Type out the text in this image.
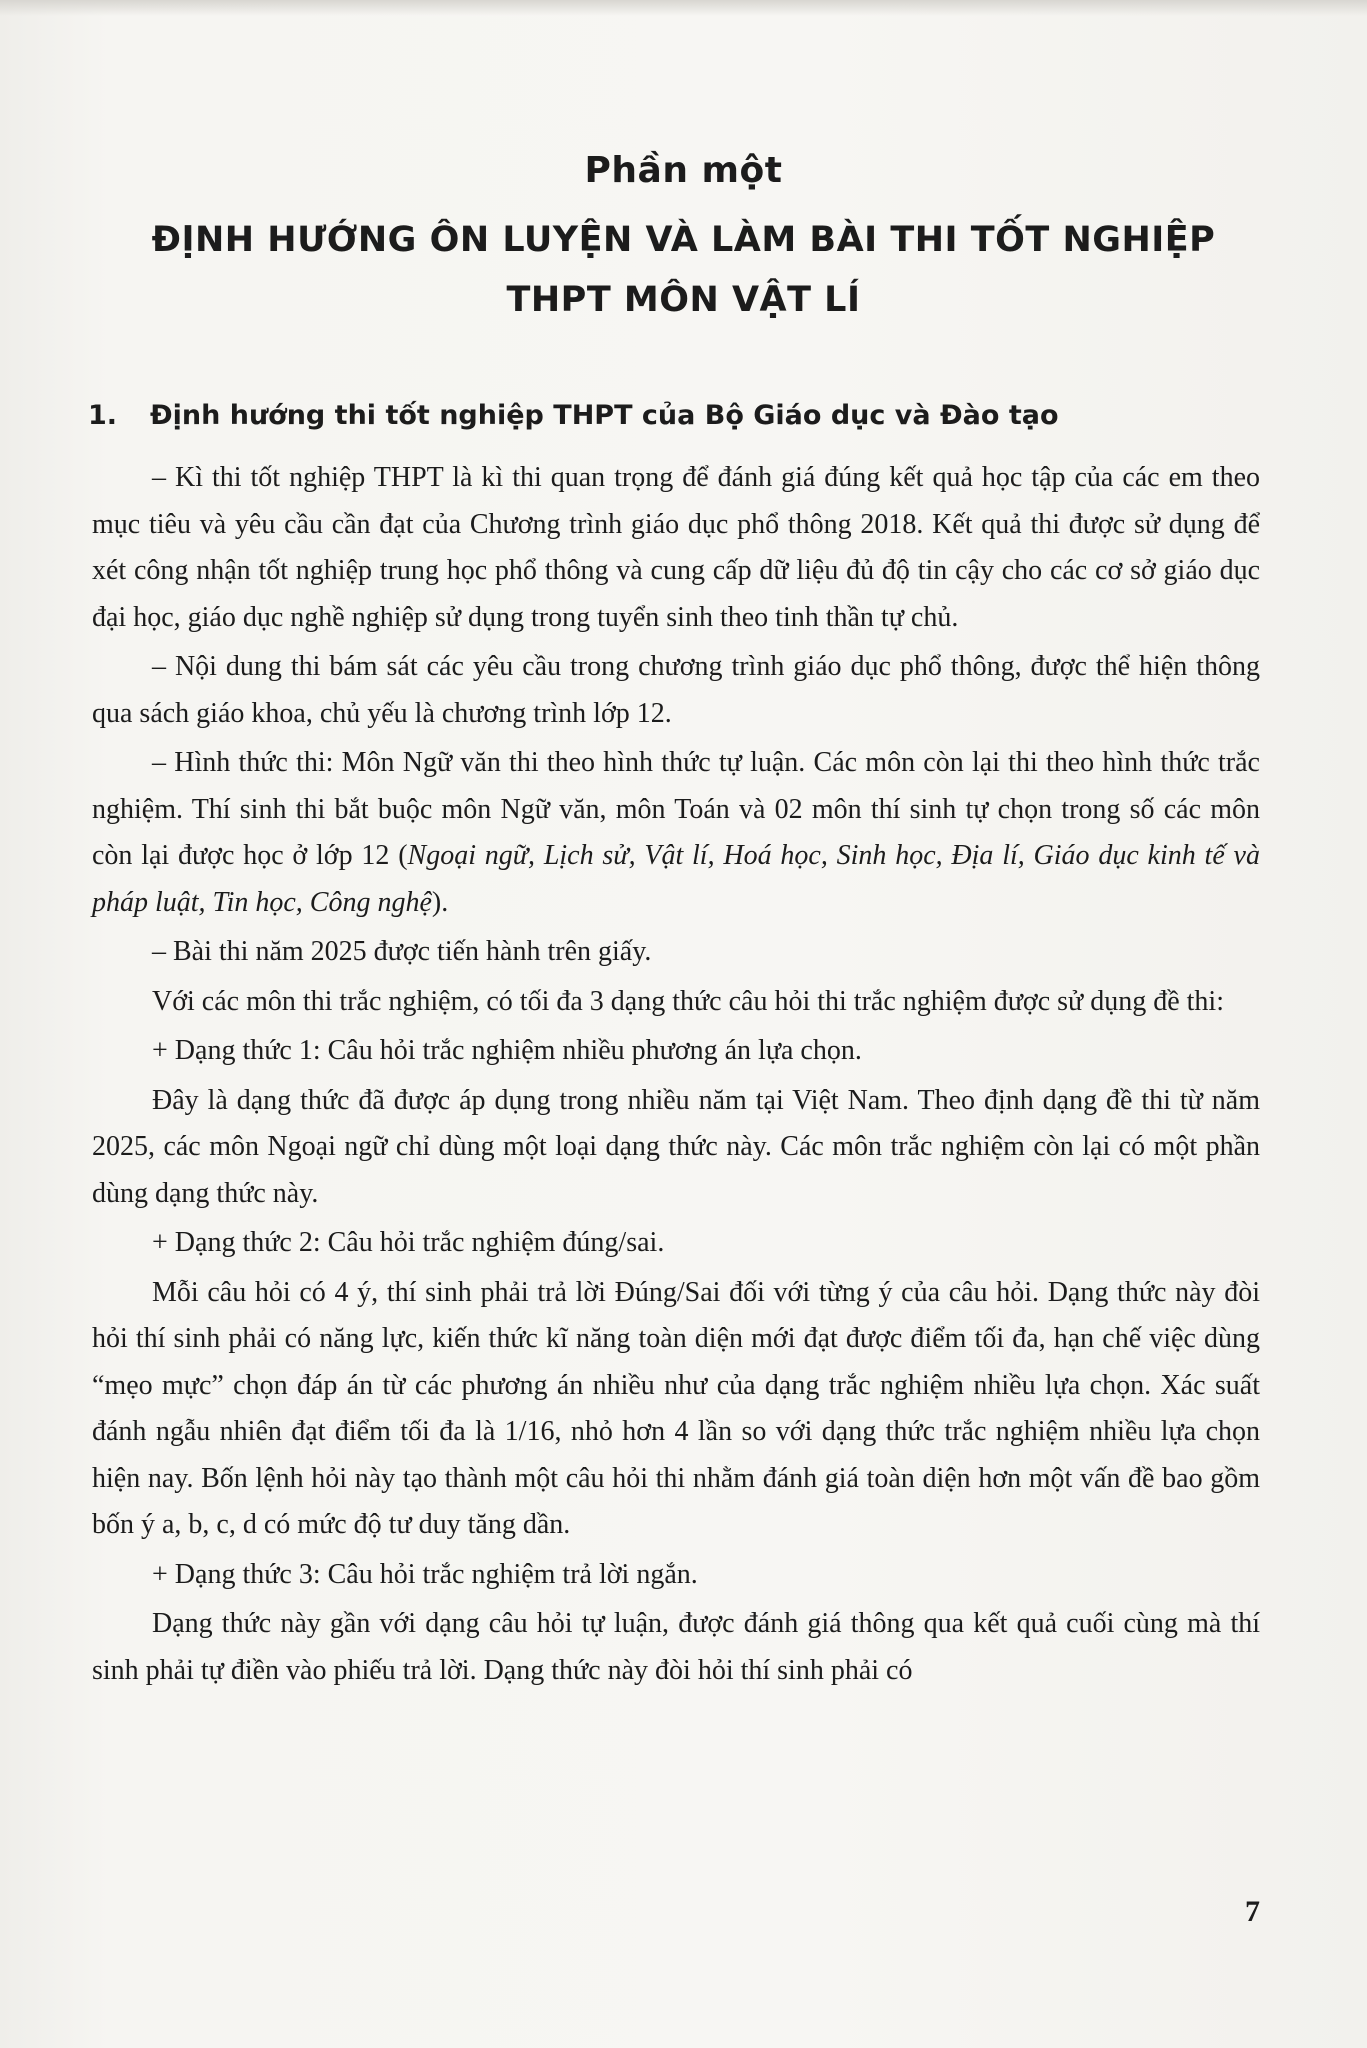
Phần một
ĐỊNH HƯỚNG ÔN LUYỆN VÀ LÀM BÀI THI TỐT NGHIỆP
THPT MÔN VẬT LÍ
1. Định hướng thi tốt nghiệp THPT của Bộ Giáo dục và Đào tạo

– Kì thi tốt nghiệp THPT là kì thi quan trọng để đánh giá đúng kết quả học tập của các em theo mục tiêu và yêu cầu cần đạt của Chương trình giáo dục phổ thông 2018. Kết quả thi được sử dụng để xét công nhận tốt nghiệp trung học phổ thông và cung cấp dữ liệu đủ độ tin cậy cho các cơ sở giáo dục đại học, giáo dục nghề nghiệp sử dụng trong tuyển sinh theo tinh thần tự chủ.

– Nội dung thi bám sát các yêu cầu trong chương trình giáo dục phổ thông, được thể hiện thông qua sách giáo khoa, chủ yếu là chương trình lớp 12.

– Hình thức thi: Môn Ngữ văn thi theo hình thức tự luận. Các môn còn lại thi theo hình thức trắc nghiệm. Thí sinh thi bắt buộc môn Ngữ văn, môn Toán và 02 môn thí sinh tự chọn trong số các môn còn lại được học ở lớp 12 (Ngoại ngữ, Lịch sử, Vật lí, Hoá học, Sinh học, Địa lí, Giáo dục kinh tế và pháp luật, Tin học, Công nghệ).

– Bài thi năm 2025 được tiến hành trên giấy.

Với các môn thi trắc nghiệm, có tối đa 3 dạng thức câu hỏi thi trắc nghiệm được sử dụng đề thi:

+ Dạng thức 1: Câu hỏi trắc nghiệm nhiều phương án lựa chọn.

Đây là dạng thức đã được áp dụng trong nhiều năm tại Việt Nam. Theo định dạng đề thi từ năm 2025, các môn Ngoại ngữ chỉ dùng một loại dạng thức này. Các môn trắc nghiệm còn lại có một phần dùng dạng thức này.

+ Dạng thức 2: Câu hỏi trắc nghiệm đúng/sai.

Mỗi câu hỏi có 4 ý, thí sinh phải trả lời Đúng/Sai đối với từng ý của câu hỏi. Dạng thức này đòi hỏi thí sinh phải có năng lực, kiến thức kĩ năng toàn diện mới đạt được điểm tối đa, hạn chế việc dùng “mẹo mực” chọn đáp án từ các phương án nhiều như của dạng trắc nghiệm nhiều lựa chọn. Xác suất đánh ngẫu nhiên đạt điểm tối đa là 1/16, nhỏ hơn 4 lần so với dạng thức trắc nghiệm nhiều lựa chọn hiện nay. Bốn lệnh hỏi này tạo thành một câu hỏi thi nhằm đánh giá toàn diện hơn một vấn đề bao gồm bốn ý a, b, c, d có mức độ tư duy tăng dần.

+ Dạng thức 3: Câu hỏi trắc nghiệm trả lời ngắn.

Dạng thức này gần với dạng câu hỏi tự luận, được đánh giá thông qua kết quả cuối cùng mà thí sinh phải tự điền vào phiếu trả lời. Dạng thức này đòi hỏi thí sinh phải có

7
